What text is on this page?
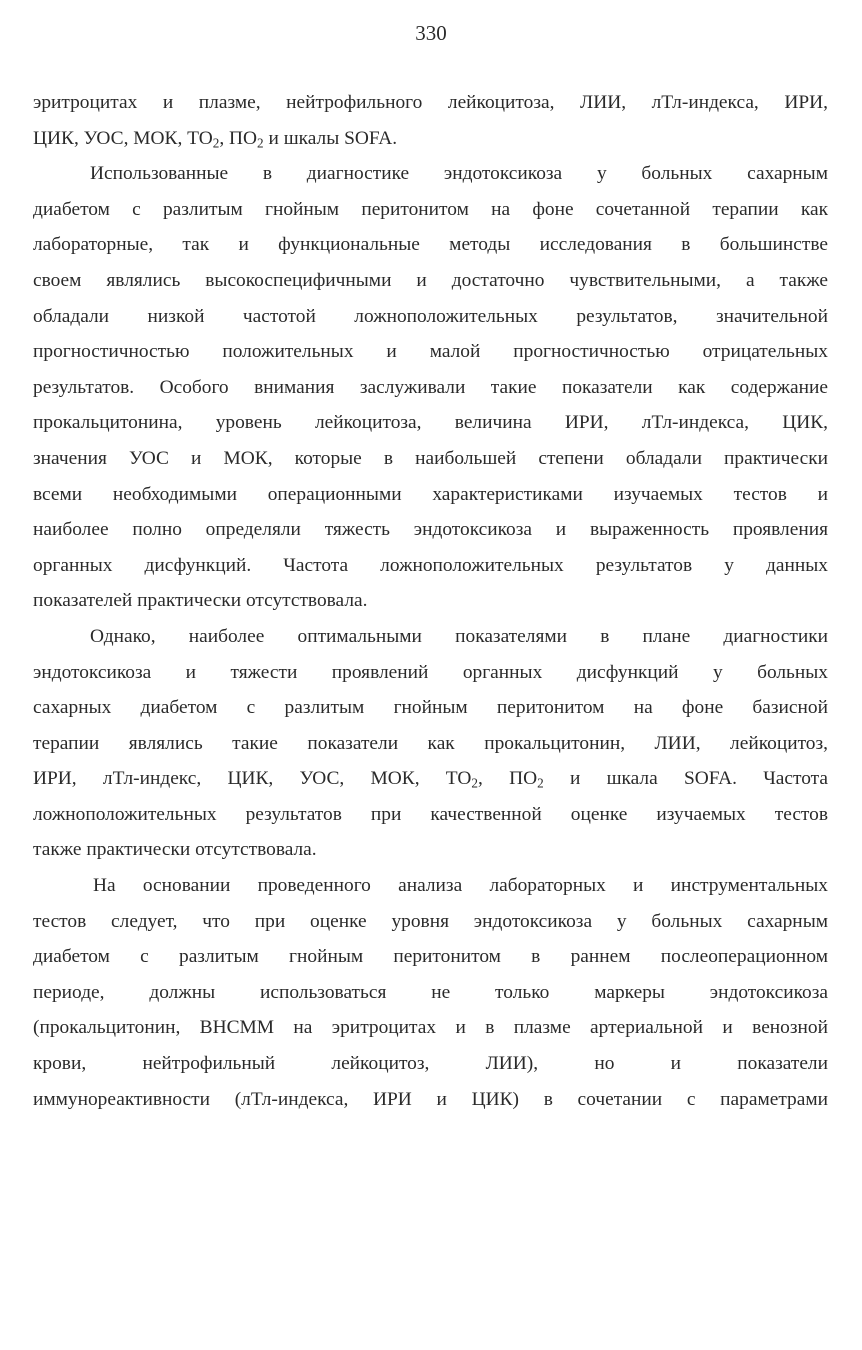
330
эритроцитах и плазме, нейтрофильного лейкоцитоза, ЛИИ, лТл-индекса, ИРИ,
ЦИК, УОС, МОК, $ТО_2$, $ПО_2$ и шкалы SOFA.
Использованные в диагностике эндотоксикоза у больных сахарным
диабетом с разлитым гнойным перитонитом на фоне сочетанной терапии как
лабораторные, так и функциональные методы исследования в большинстве
своем являлись высокоспецифичными и достаточно чувствительными, а также
обладали низкой частотой ложноположительных результатов, значительной
прогностичностью положительных и малой прогностичностью отрицательных
результатов. Особого внимания заслуживали такие показатели как содержание
прокальцитонина, уровень лейкоцитоза, величина ИРИ, лТл-индекса, ЦИК,
значения УОС и МОК, которые в наибольшей степени обладали практически
всеми необходимыми операционными характеристиками изучаемых тестов и
наиболее полно определяли тяжесть эндотоксикоза и выраженность проявления
органных дисфункций. Частота ложноположительных результатов у данных
показателей практически отсутствовала.
Однако, наиболее оптимальными показателями в плане диагностики
эндотоксикоза и тяжести проявлений органных дисфункций у больных
сахарных диабетом с разлитым гнойным перитонитом на фоне базисной
терапии являлись такие показатели как прокальцитонин, ЛИИ, лейкоцитоз,
ИРИ, лТл-индекс, ЦИК, УОС, МОК, $ТО_2$, $ПО_2$ и шкала SOFA. Частота
ложноположительных результатов при качественной оценке изучаемых тестов
также практически отсутствовала.
На основании проведенного анализа лабораторных и инструментальных
тестов следует, что при оценке уровня эндотоксикоза у больных сахарным
диабетом с разлитым гнойным перитонитом в раннем послеоперационном
периоде, должны использоваться не только маркеры эндотоксикоза
(прокальцитонин, ВНСММ на эритроцитах и в плазме артериальной и венозной
крови, нейтрофильный лейкоцитоз, ЛИИ), но и показатели
иммунореактивности (лТл-индекса, ИРИ и ЦИК) в сочетании с параметрами
